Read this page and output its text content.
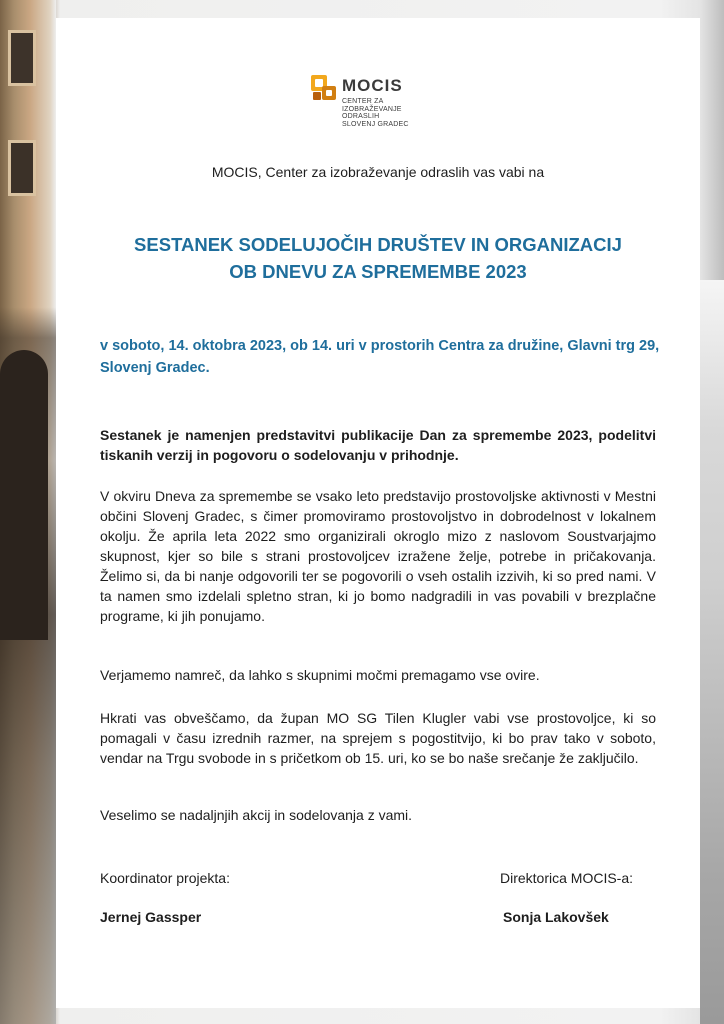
MOCIS
CENTER ZA
IZOBRAŽEVANJE
ODRASLIH
SLOVENJ GRADEC
MOCIS, Center za izobraževanje odraslih vas vabi na
SESTANEK SODELUJOČIH DRUŠTEV IN ORGANIZACIJ
OB DNEVU ZA SPREMEMBE 2023
v soboto, 14. oktobra 2023, ob 14. uri v prostorih Centra za družine, Glavni trg 29, Slovenj Gradec.
Sestanek je namenjen predstavitvi publikacije Dan za spremembe 2023, podelitvi tiskanih verzij in pogovoru o sodelovanju v prihodnje.
V okviru Dneva za spremembe se vsako leto predstavijo prostovoljske aktivnosti v Mestni občini Slovenj Gradec, s čimer promoviramo prostovoljstvo in dobrodelnost v lokalnem okolju. Že aprila leta 2022 smo organizirali okroglo mizo z naslovom Soustvarjajmo skupnost, kjer so bile s strani prostovoljcev izražene želje, potrebe in pričakovanja. Želimo si, da bi nanje odgovorili ter se pogovorili o vseh ostalih izzivih, ki so pred nami. V ta namen smo izdelali spletno stran, ki jo bomo nadgradili in vas povabili v brezplačne programe, ki jih ponujamo.
Verjamemo namreč, da lahko s skupnimi močmi premagamo vse ovire.
Hkrati vas obveščamo, da župan MO SG Tilen Klugler vabi vse prostovoljce, ki so pomagali v času izrednih razmer, na sprejem s pogostitvijo, ki bo prav tako v soboto, vendar na Trgu svobode in s pričetkom ob 15. uri, ko se bo naše srečanje že zaključilo.
Veselimo se nadaljnjih akcij in sodelovanja z vami.
Koordinator projekta:	Direktorica MOCIS-a:
Jernej Gassper	Sonja Lakovšek
